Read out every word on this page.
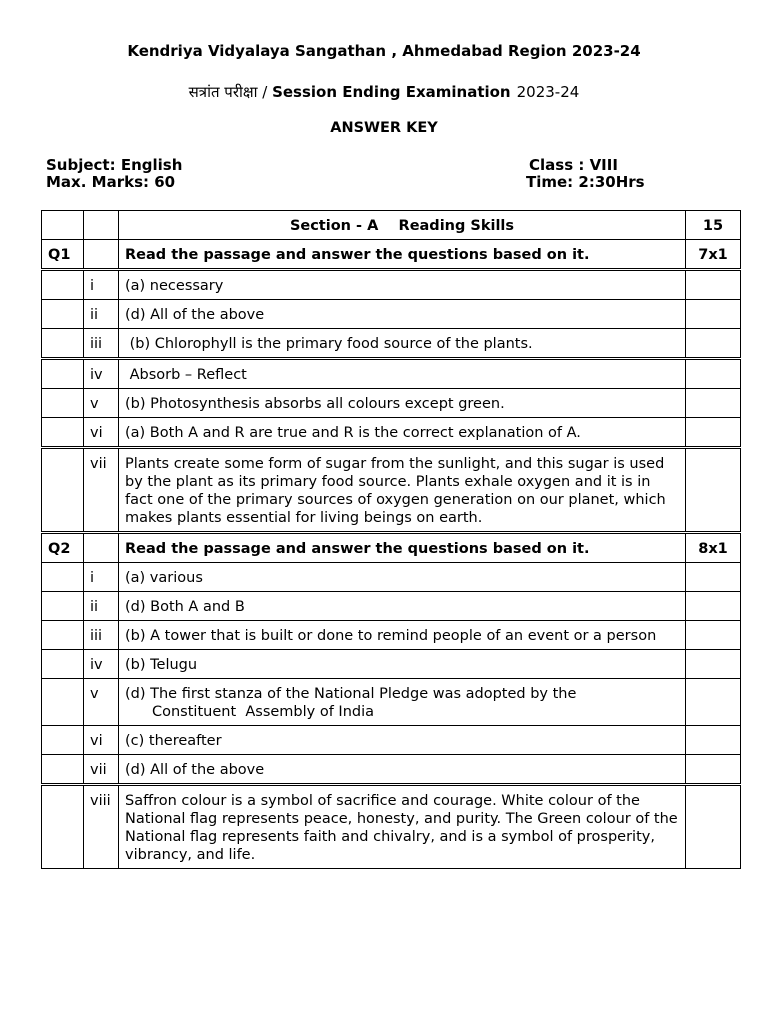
Kendriya Vidyalaya Sangathan , Ahmedabad Region 2023-24
सत्रांत परीक्षा / Session Ending Examination 2023-24
ANSWER KEY
Subject: English
Max. Marks: 60
Class : VIII
Time: 2:30Hrs
		Section - A    Reading Skills	15
Q1		Read the passage and answer the questions based on it.	7x1
	i	(a) necessary	
	ii	(d) All of the above	
	iii	(b) Chlorophyll is the primary food source of the plants.	
	iv	Absorb – Reflect	
	v	(b) Photosynthesis absorbs all colours except green.	
	vi	(a) Both A and R are true and R is the correct explanation of A.	
	vii	Plants create some form of sugar from the sunlight, and this sugar is used by the plant as its primary food source. Plants exhale oxygen and it is in fact one of the primary sources of oxygen generation on our planet, which makes plants essential for living beings on earth.	
Q2		Read the passage and answer the questions based on it.	8x1
	i	(a) various	
	ii	(d) Both A and B	
	iii	(b) A tower that is built or done to remind people of an event or a person	
	iv	(b) Telugu	
	v	(d) The first stanza of the National Pledge was adopted by the
Constituent  Assembly of India	

	vi	(c) thereafter	
	vii	(d) All of the above	
	viii	Saffron colour is a symbol of sacrifice and courage. White colour of the National flag represents peace, honesty, and purity. The Green colour of the National flag represents faith and chivalry, and is a symbol of prosperity, vibrancy, and life.	
